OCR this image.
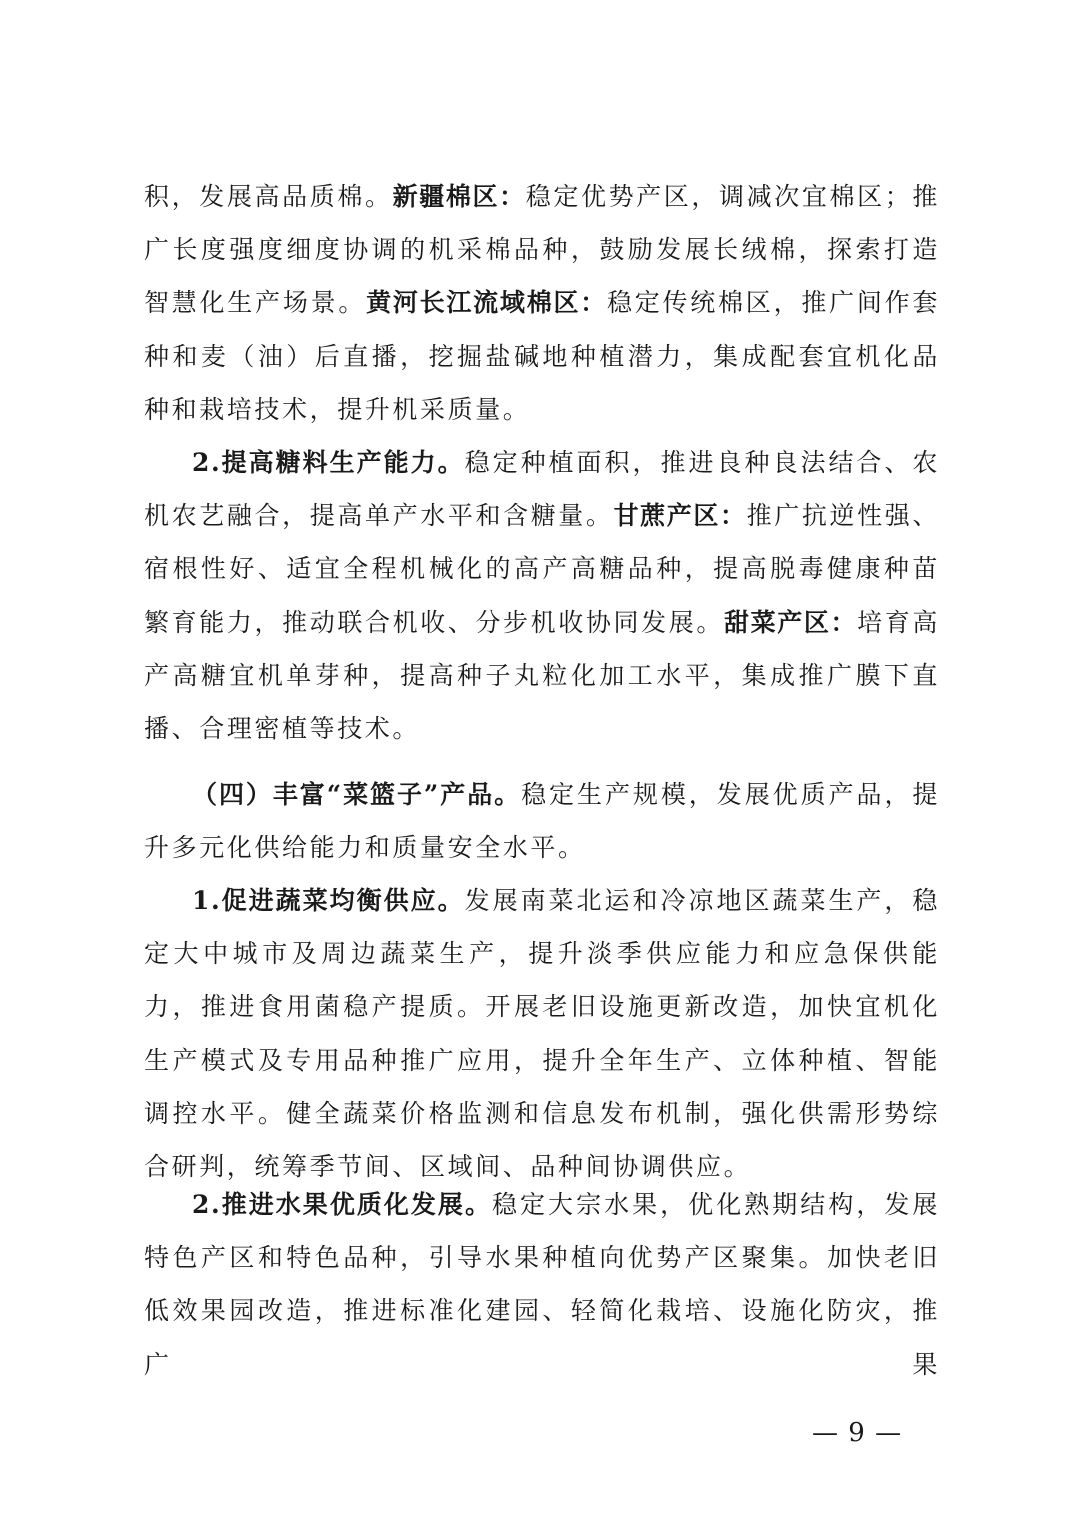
积，发展高品质棉。新疆棉区：稳定优势产区，调减次宜棉区；推广长度强度细度协调的机采棉品种，鼓励发展长绒棉，探索打造智慧化生产场景。黄河长江流域棉区：稳定传统棉区，推广间作套种和麦（油）后直播，挖掘盐碱地种植潜力，集成配套宜机化品种和栽培技术，提升机采质量。
2.提高糖料生产能力。稳定种植面积，推进良种良法结合、农机农艺融合，提高单产水平和含糖量。甘蔗产区：推广抗逆性强、宿根性好、适宜全程机械化的高产高糖品种，提高脱毒健康种苗繁育能力，推动联合机收、分步机收协同发展。甜菜产区：培育高产高糖宜机单芽种，提高种子丸粒化加工水平，集成推广膜下直播、合理密植等技术。
（四）丰富“菜篮子”产品。稳定生产规模，发展优质产品，提升多元化供给能力和质量安全水平。
1.促进蔬菜均衡供应。发展南菜北运和冷凉地区蔬菜生产，稳定大中城市及周边蔬菜生产，提升淡季供应能力和应急保供能力，推进食用菌稳产提质。开展老旧设施更新改造，加快宜机化生产模式及专用品种推广应用，提升全年生产、立体种植、智能调控水平。健全蔬菜价格监测和信息发布机制，强化供需形势综合研判，统筹季节间、区域间、品种间协调供应。
2.推进水果优质化发展。稳定大宗水果，优化熟期结构，发展特色产区和特色品种，引导水果种植向优势产区聚集。加快老旧低效果园改造，推进标准化建园、轻简化栽培、设施化防灾，推广果
— 9 —
